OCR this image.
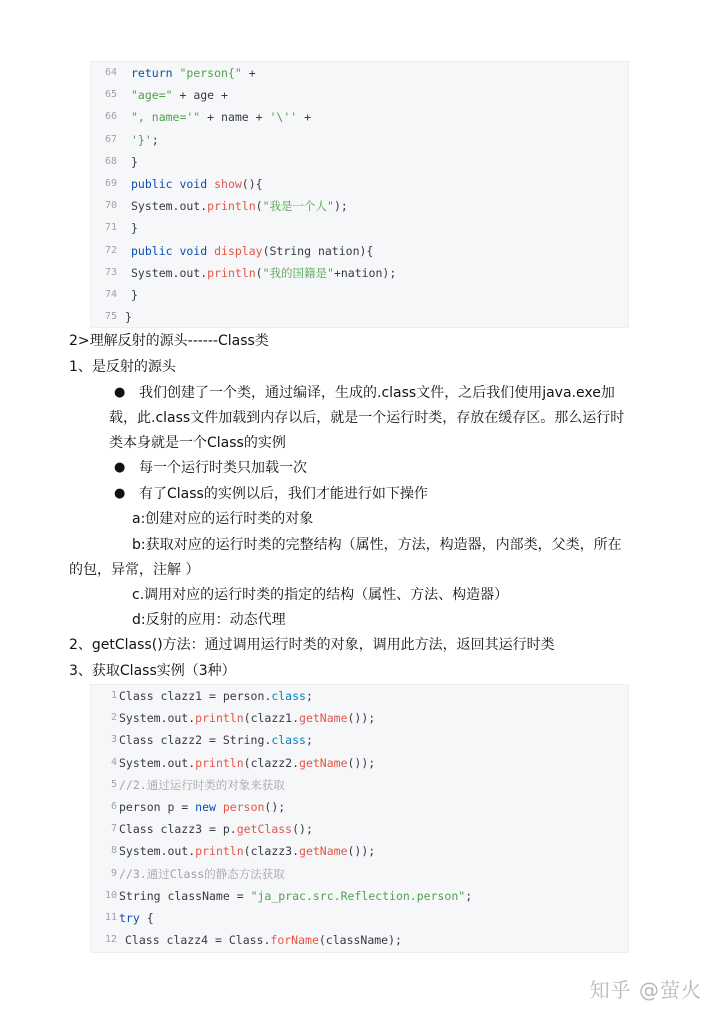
64 return "person{" +
65 "age=" + age +
66 ", name='" + name + '\'' +
67 '}';
68 }
69 public void show(){
70 System.out.println("我是一个人");
71 }
72 public void display(String nation){
73 System.out.println("我的国籍是"+nation);
74 }
75 }
2>理解反射的源头------Class类
1、是反射的源头
● 我们创建了一个类，通过编译，生成的.class文件，之后我们使用java.exe加
载，此.class文件加载到内存以后，就是一个运行时类，存放在缓存区。那么运行时
类本身就是一个Class的实例
● 每一个运行时类只加载一次
● 有了Class的实例以后，我们才能进行如下操作
a:创建对应的运行时类的对象
b:获取对应的运行时类的完整结构（属性，方法，构造器，内部类，父类，所在
的包，异常，注解 ）
c.调用对应的运行时类的指定的结构（属性、方法、构造器）
d:反射的应用：动态代理
2、getClass()方法：通过调用运行时类的对象，调用此方法，返回其运行时类
3、获取Class实例（3种）
1 Class clazz1 = person.class;
2 System.out.println(clazz1.getName());
3 Class clazz2 = String.class;
4 System.out.println(clazz2.getName());
5 //2.通过运行时类的对象来获取
6 person p = new person();
7 Class clazz3 = p.getClass();
8 System.out.println(clazz3.getName());
9 //3.通过Class的静态方法获取
10 String className = "ja_prac.src.Reflection.person";
11 try {
12 Class clazz4 = Class.forName(className);
知乎 @萤火
